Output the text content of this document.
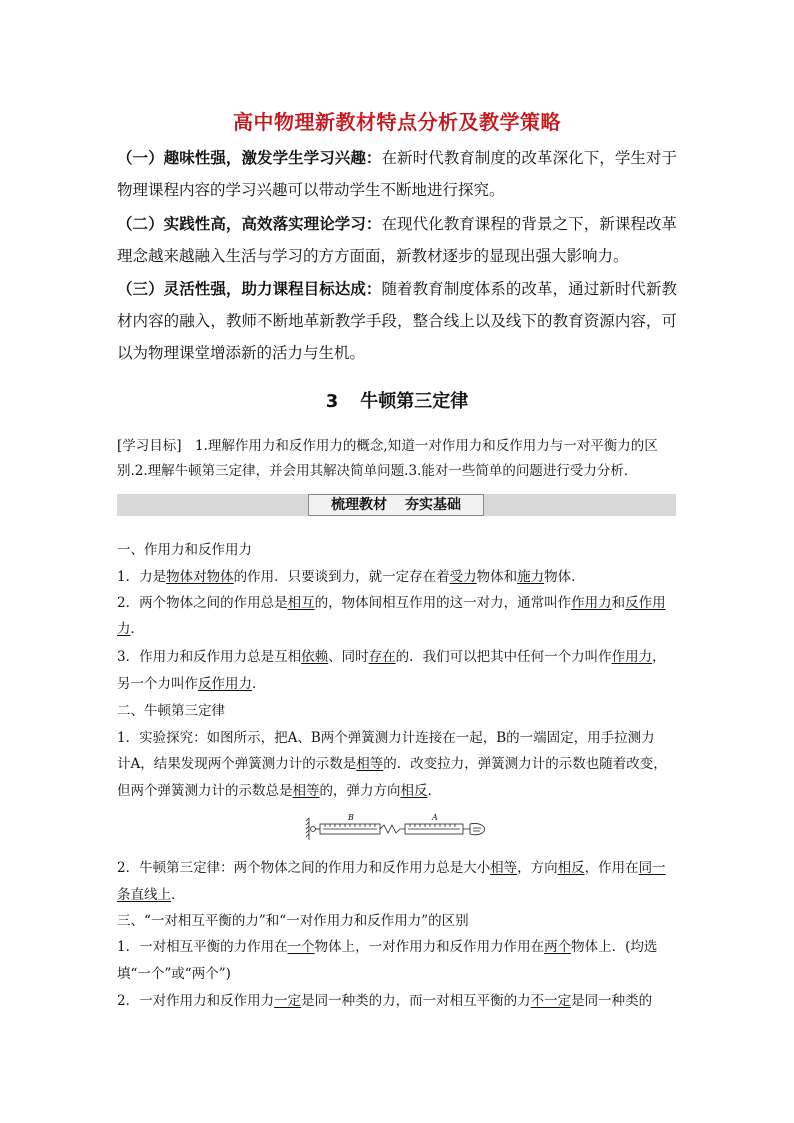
高中物理新教材特点分析及教学策略
（一）趣味性强，激发学生学习兴趣：在新时代教育制度的改革深化下，学生对于物理课程内容的学习兴趣可以带动学生不断地进行探究。
（二）实践性高，高效落实理论学习：在现代化教育课程的背景之下，新课程改革理念越来越融入生活与学习的方方面面，新教材逐步的显现出强大影响力。
（三）灵活性强，助力课程目标达成：随着教育制度体系的改革，通过新时代新教材内容的融入，教师不断地革新教学手段，整合线上以及线下的教育资源内容，可以为物理课堂增添新的活力与生机。
3 牛顿第三定律
[学习目标]　1.理解作用力和反作用力的概念,知道一对作用力和反作用力与一对平衡力的区
别.2.理解牛顿第三定律，并会用其解决简单问题.3.能对一些简单的问题进行受力分析．
梳理教材 夯实基础
一、作用力和反作用力
1．力是物体对物体的作用．只要谈到力，就一定存在着受力物体和施力物体．
2．两个物体之间的作用总是相互的，物体间相互作用的这一对力，通常叫作作用力和反作用
力．
3．作用力和反作用力总是互相依赖、同时存在的．我们可以把其中任何一个力叫作作用力，
另一个力叫作反作用力．
二、牛顿第三定律
1．实验探究：如图所示，把A、B两个弹簧测力计连接在一起，B的一端固定，用手拉测力
计A，结果发现两个弹簧测力计的示数是相等的．改变拉力，弹簧测力计的示数也随着改变，
但两个弹簧测力计的示数总是相等的，弹力方向相反．
B	A
2．牛顿第三定律：两个物体之间的作用力和反作用力总是大小相等，方向相反，作用在同一
条直线上．
三、“一对相互平衡的力”和“一对作用力和反作用力”的区别
1．一对相互平衡的力作用在一个物体上，一对作用力和反作用力作用在两个物体上．(均选
填“一个”或“两个”)
2．一对作用力和反作用力一定是同一种类的力，而一对相互平衡的力不一定是同一种类的
